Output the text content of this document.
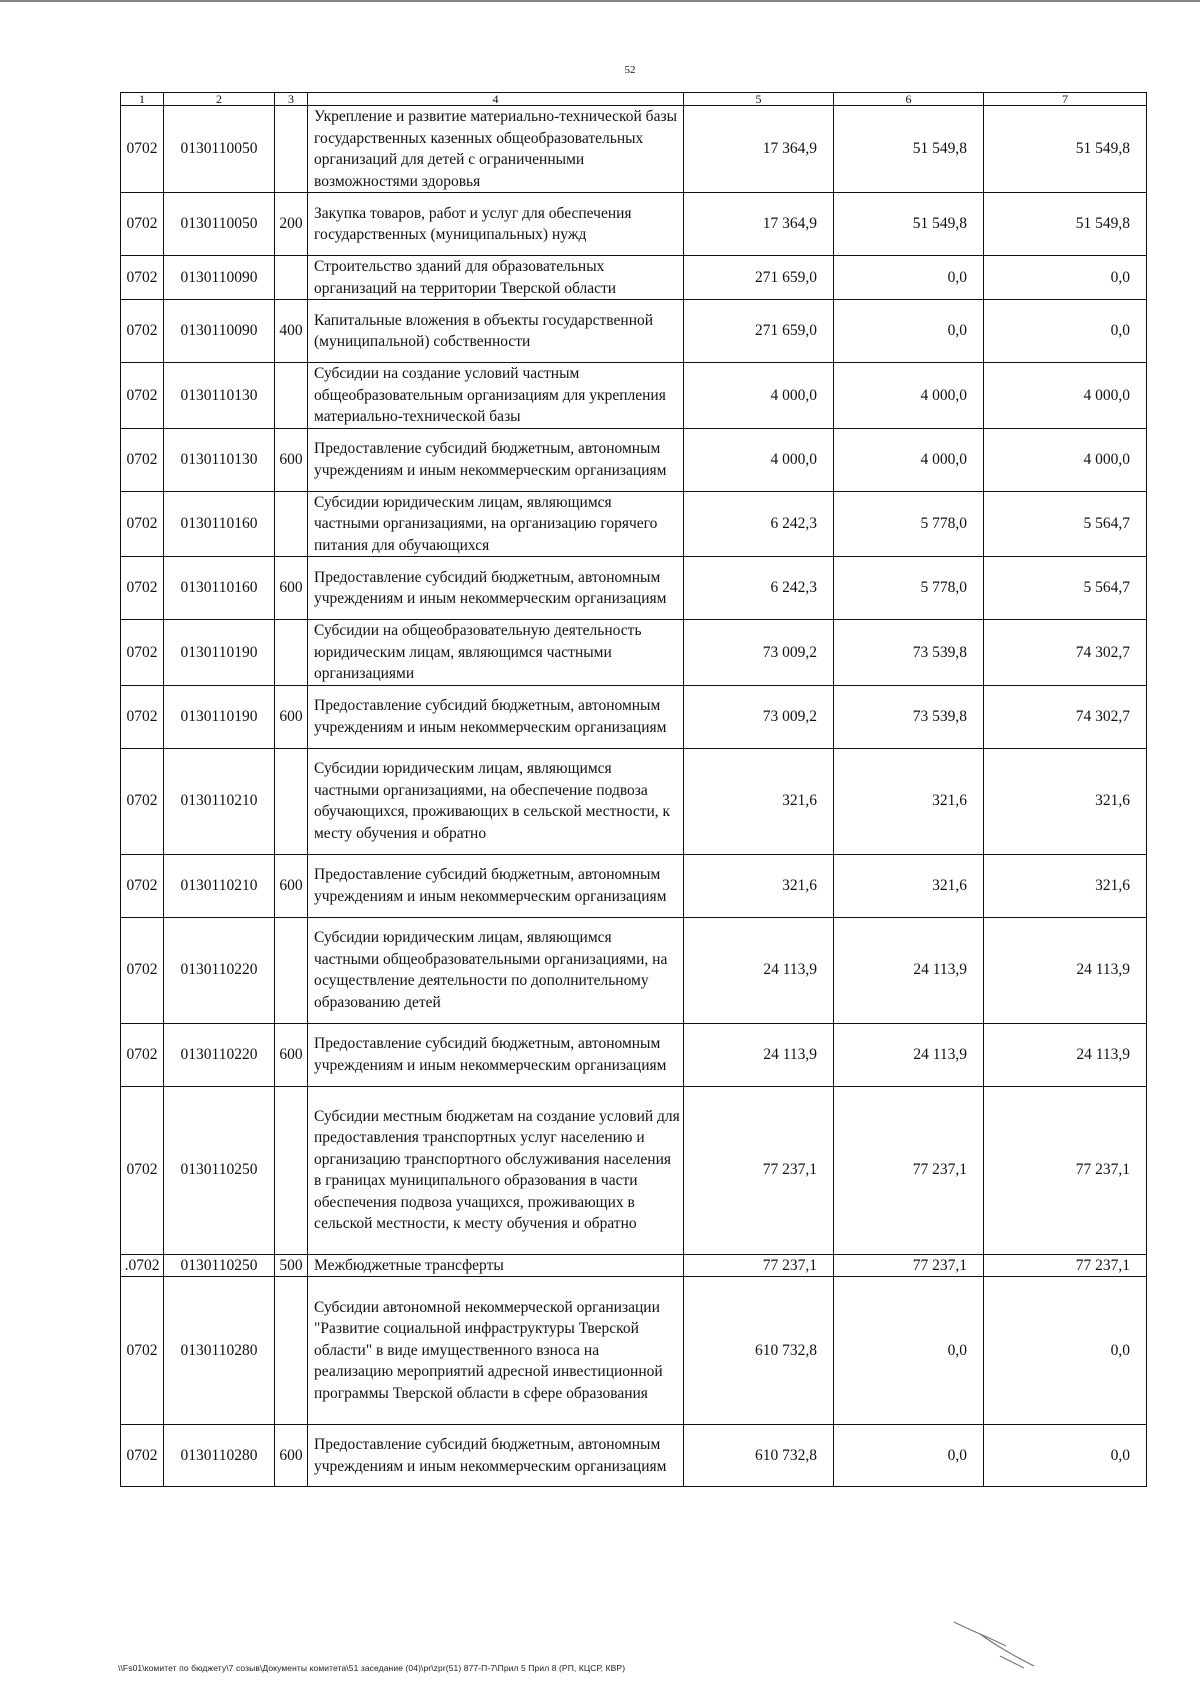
52
1	2	3	4	5	6	7
0702	0130110050		Укрепление и развитие материально-технической базы государственных казенных общеобразовательных организаций для детей с ограниченными возможностями здоровья	17 364,9	51 549,8	51 549,8
0702	0130110050	200	Закупка товаров, работ и услуг для обеспечения государственных (муниципальных) нужд	17 364,9	51 549,8	51 549,8
0702	0130110090		Строительство зданий для образовательных организаций на территории Тверской области	271 659,0	0,0	0,0
0702	0130110090	400	Капитальные вложения в объекты государственной (муниципальной) собственности	271 659,0	0,0	0,0
0702	0130110130		Субсидии на создание условий частным общеобразовательным организациям для укрепления материально-технической базы	4 000,0	4 000,0	4 000,0
0702	0130110130	600	Предоставление субсидий бюджетным, автономным учреждениям и иным некоммерческим организациям	4 000,0	4 000,0	4 000,0
0702	0130110160		Субсидии юридическим лицам, являющимся частными организациями, на организацию горячего питания для обучающихся	6 242,3	5 778,0	5 564,7
0702	0130110160	600	Предоставление субсидий бюджетным, автономным учреждениям и иным некоммерческим организациям	6 242,3	5 778,0	5 564,7
0702	0130110190		Субсидии на общеобразовательную деятельность юридическим лицам, являющимся частными организациями	73 009,2	73 539,8	74 302,7
0702	0130110190	600	Предоставление субсидий бюджетным, автономным учреждениям и иным некоммерческим организациям	73 009,2	73 539,8	74 302,7
0702	0130110210		Субсидии юридическим лицам, являющимся частными организациями, на обеспечение подвоза обучающихся, проживающих в сельской местности, к месту обучения и обратно	321,6	321,6	321,6
0702	0130110210	600	Предоставление субсидий бюджетным, автономным учреждениям и иным некоммерческим организациям	321,6	321,6	321,6
0702	0130110220		Субсидии юридическим лицам, являющимся частными общеобразовательными организациями, на осуществление деятельности по дополнительному образованию детей	24 113,9	24 113,9	24 113,9
0702	0130110220	600	Предоставление субсидий бюджетным, автономным учреждениям и иным некоммерческим организациям	24 113,9	24 113,9	24 113,9
0702	0130110250		Субсидии местным бюджетам на создание условий для предоставления транспортных услуг населению и организацию транспортного обслуживания населения в границах муниципального образования в части обеспечения подвоза учащихся, проживающих в сельской местности, к месту обучения и обратно	77 237,1	77 237,1	77 237,1
.0702	0130110250	500	Межбюджетные трансферты	77 237,1	77 237,1	77 237,1
0702	0130110280		Субсидии автономной некоммерческой организации "Развитие социальной инфраструктуры Тверской области" в виде имущественного взноса на реализацию мероприятий адресной инвестиционной программы Тверской области в сфере образования	610 732,8	0,0	0,0
0702	0130110280	600	Предоставление субсидий бюджетным, автономным учреждениям и иным некоммерческим организациям	610 732,8	0,0	0,0
\\Fs01\комитет по бюджету\7 созыв\Документы комитета\51 заседание (04)\pr\zpr(51) 877-П-7\Прил 5 Прил 8 (РП, КЦСР, КВР)
